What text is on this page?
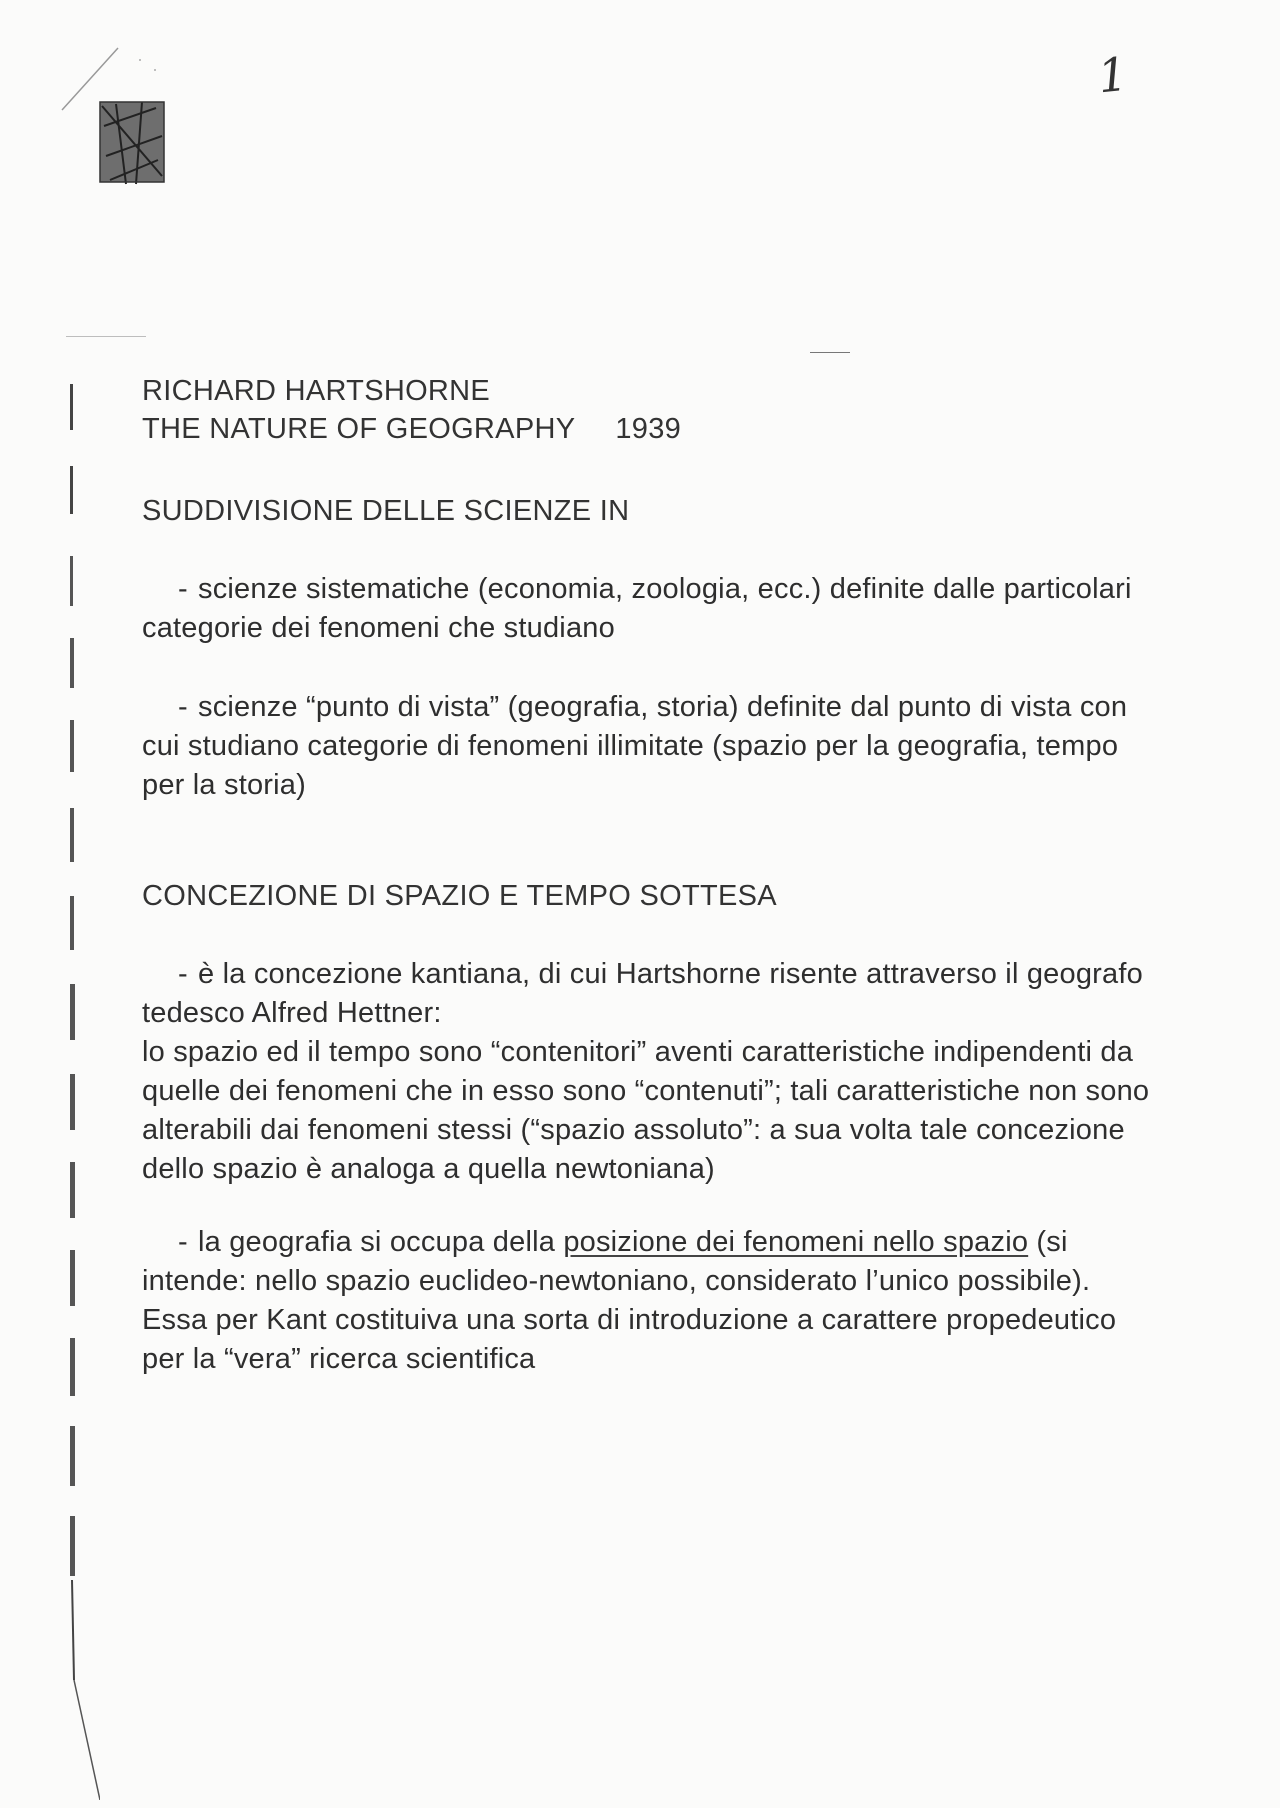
1

RICHARD HARTSHORNE

THE NATURE OF GEOGRAPHY 1939

SUDDIVISIONE DELLE SCIENZE IN

- scienze sistematiche (economia, zoologia, ecc.) definite dalle particolari categorie dei fenomeni che studiano

- scienze “punto di vista” (geografia, storia) definite dal punto di vista con cui studiano categorie di fenomeni illimitate (spazio per la geografia, tempo per la storia)

CONCEZIONE DI SPAZIO E TEMPO SOTTESA

- è la concezione kantiana, di cui Hartshorne risente attraverso il geografo tedesco Alfred Hettner:

lo spazio ed il tempo sono “contenitori” aventi caratteristiche indipendenti da quelle dei fenomeni che in esso sono “contenuti”; tali caratteristiche non sono alterabili dai fenomeni stessi (“spazio assoluto”: a sua volta tale concezione dello spazio è analoga a quella newtoniana)

- la geografia si occupa della posizione dei fenomeni nello spazio (si intende: nello spazio euclideo-newtoniano, considerato l’unico possibile). Essa per Kant costituiva una sorta di introduzione a carattere propedeutico per la “vera” ricerca scientifica
